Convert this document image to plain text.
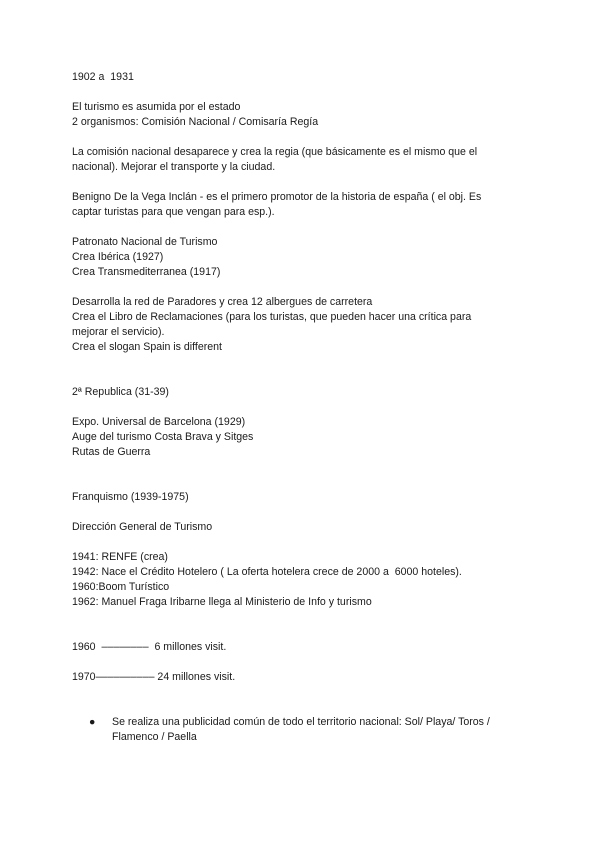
1902 a  1931

El turismo es asumida por el estado

2 organismos: Comisión Nacional / Comisaría Regía

La comisión nacional desaparece y crea la regia (que básicamente es el mismo que el

nacional). Mejorar el transporte y la ciudad.

Benigno De la Vega Inclán - es el primero promotor de la historia de españa ( el obj. Es

captar turistas para que vengan para esp.).

Patronato Nacional de Turismo

Crea Ibérica (1927)

Crea Transmediterranea (1917)

Desarrolla la red de Paradores y crea 12 albergues de carretera

Crea el Libro de Reclamaciones (para los turistas, que pueden hacer una crítica para

mejorar el servicio).

Crea el slogan Spain is different

2ª Republica (31-39)

Expo. Universal de Barcelona (1929)

Auge del turismo Costa Brava y Sitges

Rutas de Guerra

Franquismo (1939-1975)

Dirección General de Turismo

1941: RENFE (crea)

1942: Nace el Crédito Hotelero ( La oferta hotelera crece de 2000 a  6000 hoteles).

1960:Boom Turístico

1962: Manuel Fraga Iribarne llega al Ministerio de Info y turismo

1960  ––––––––  6 millones visit.

1970–––––––––– 24 millones visit.

● Se realiza una publicidad común de todo el territorio nacional: Sol/ Playa/ Toros /

Flamenco / Paella
